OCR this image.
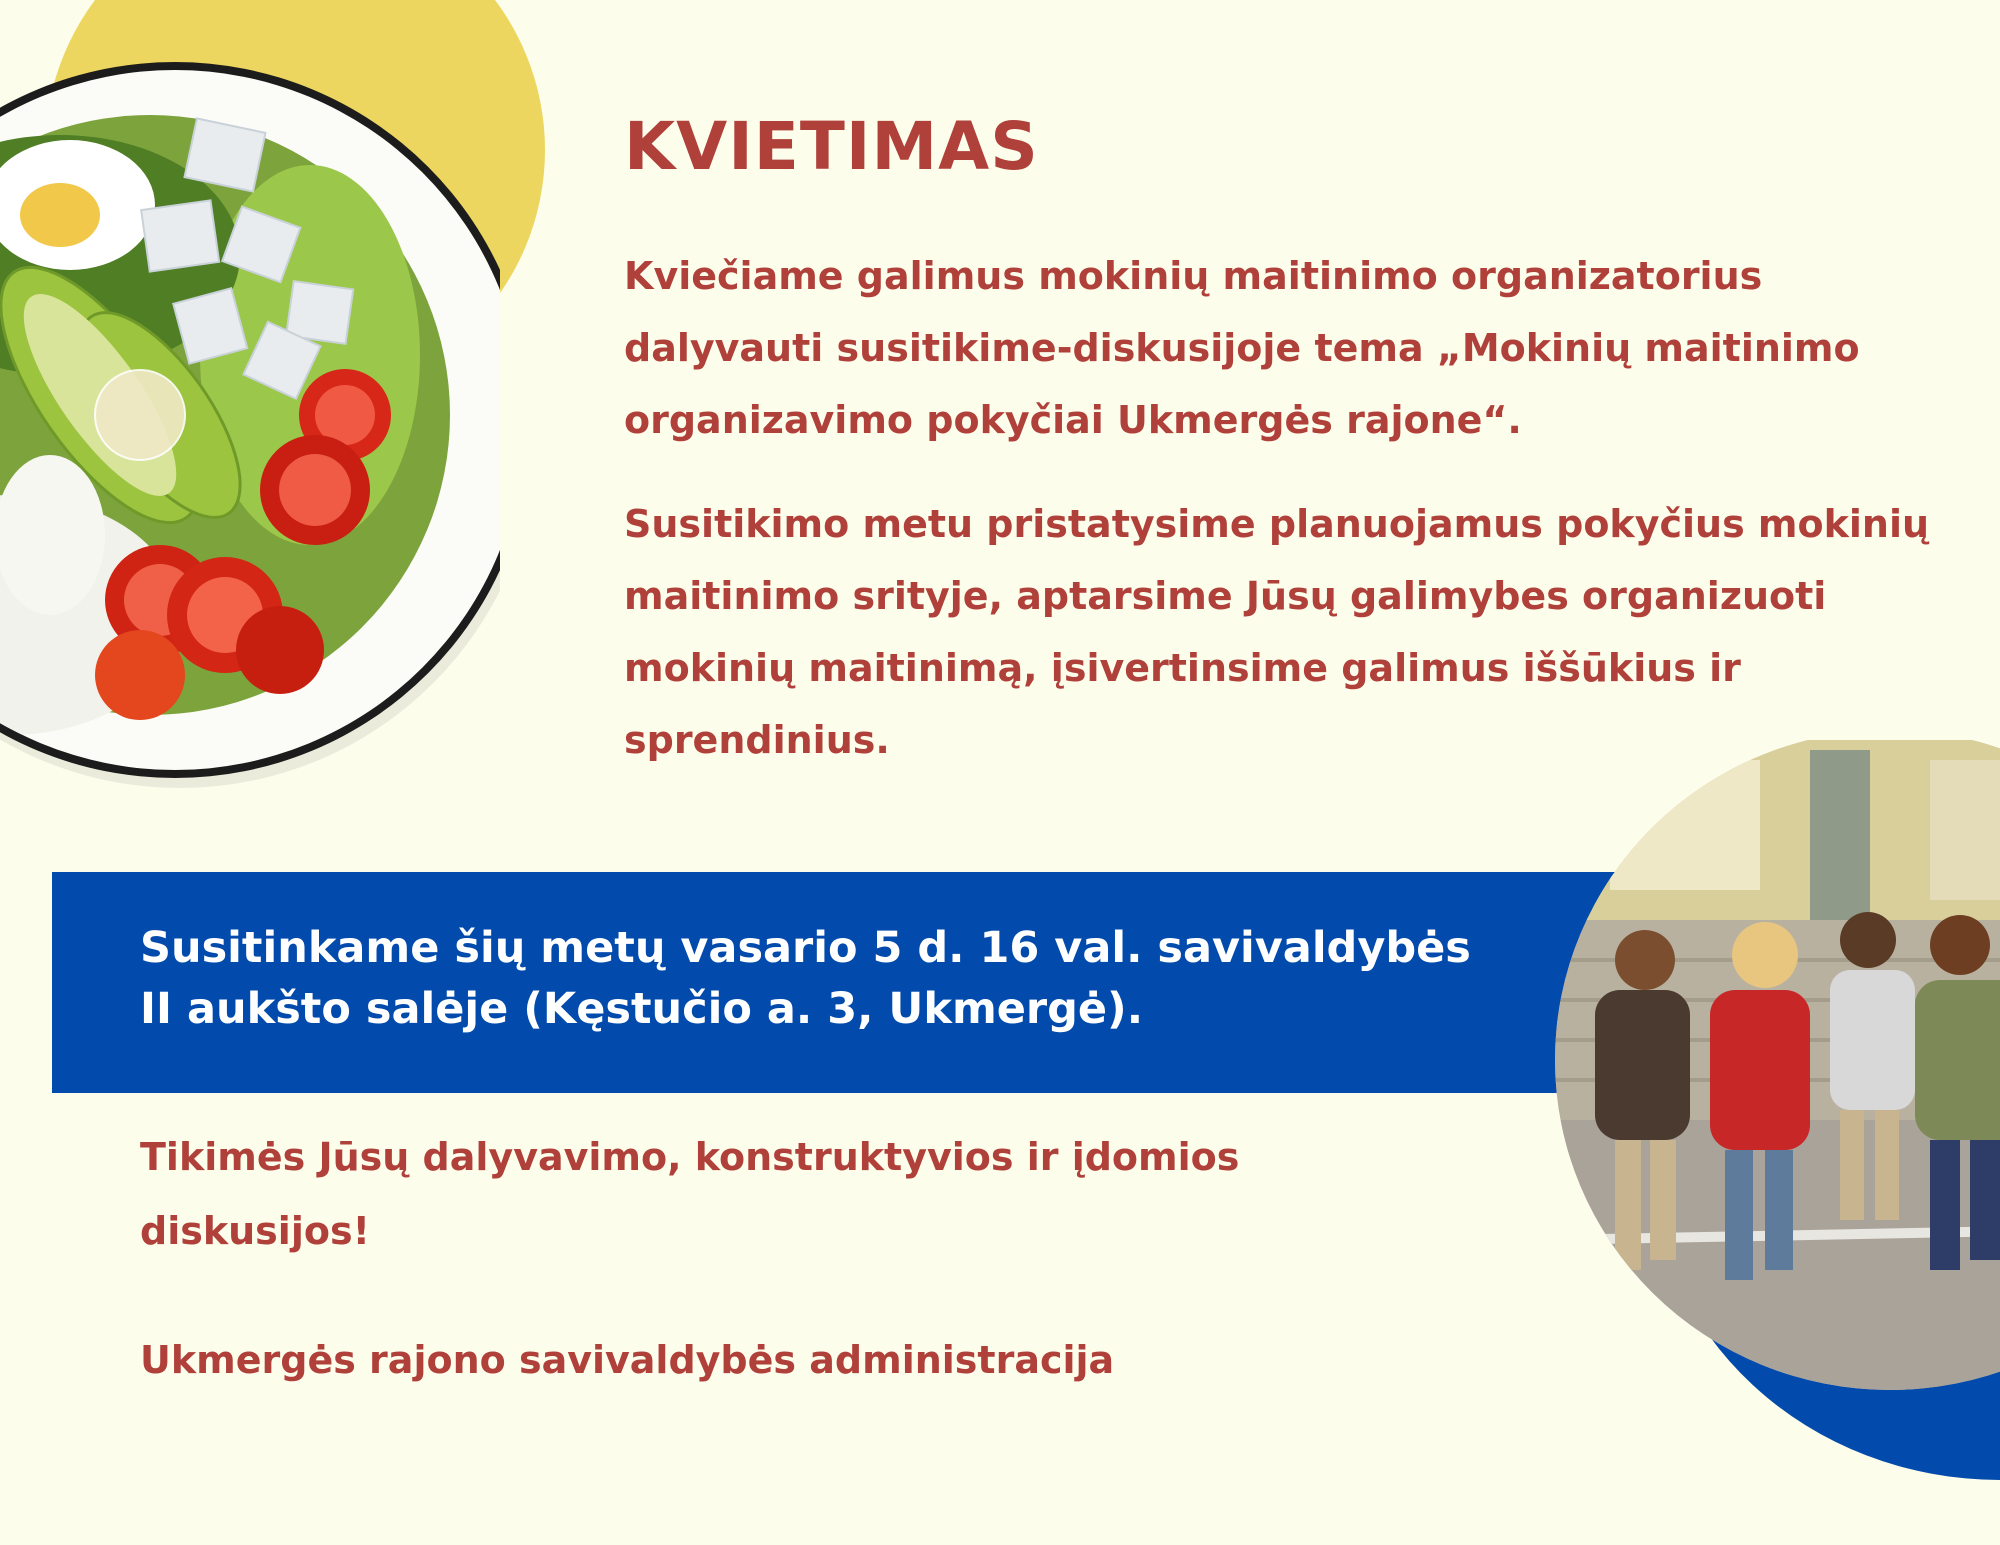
KVIETIMAS

Kviečiame galimus mokinių maitinimo organizatorius dalyvauti susitikime-diskusijoje tema „Mokinių maitinimo organizavimo pokyčiai Ukmergės rajone“.

Susitikimo metu pristatysime planuojamus pokyčius mokinių maitinimo srityje, aptarsime Jūsų galimybes organizuoti mokinių maitinimą, įsivertinsime galimus iššūkius ir sprendinius.

Susitinkame šių metų vasario 5 d. 16 val. savivaldybės
II aukšto salėje (Kęstučio a. 3, Ukmergė).

Tikimės Jūsų dalyvavimo, konstruktyvios ir įdomios diskusijos!

Ukmergės rajono savivaldybės administracija
